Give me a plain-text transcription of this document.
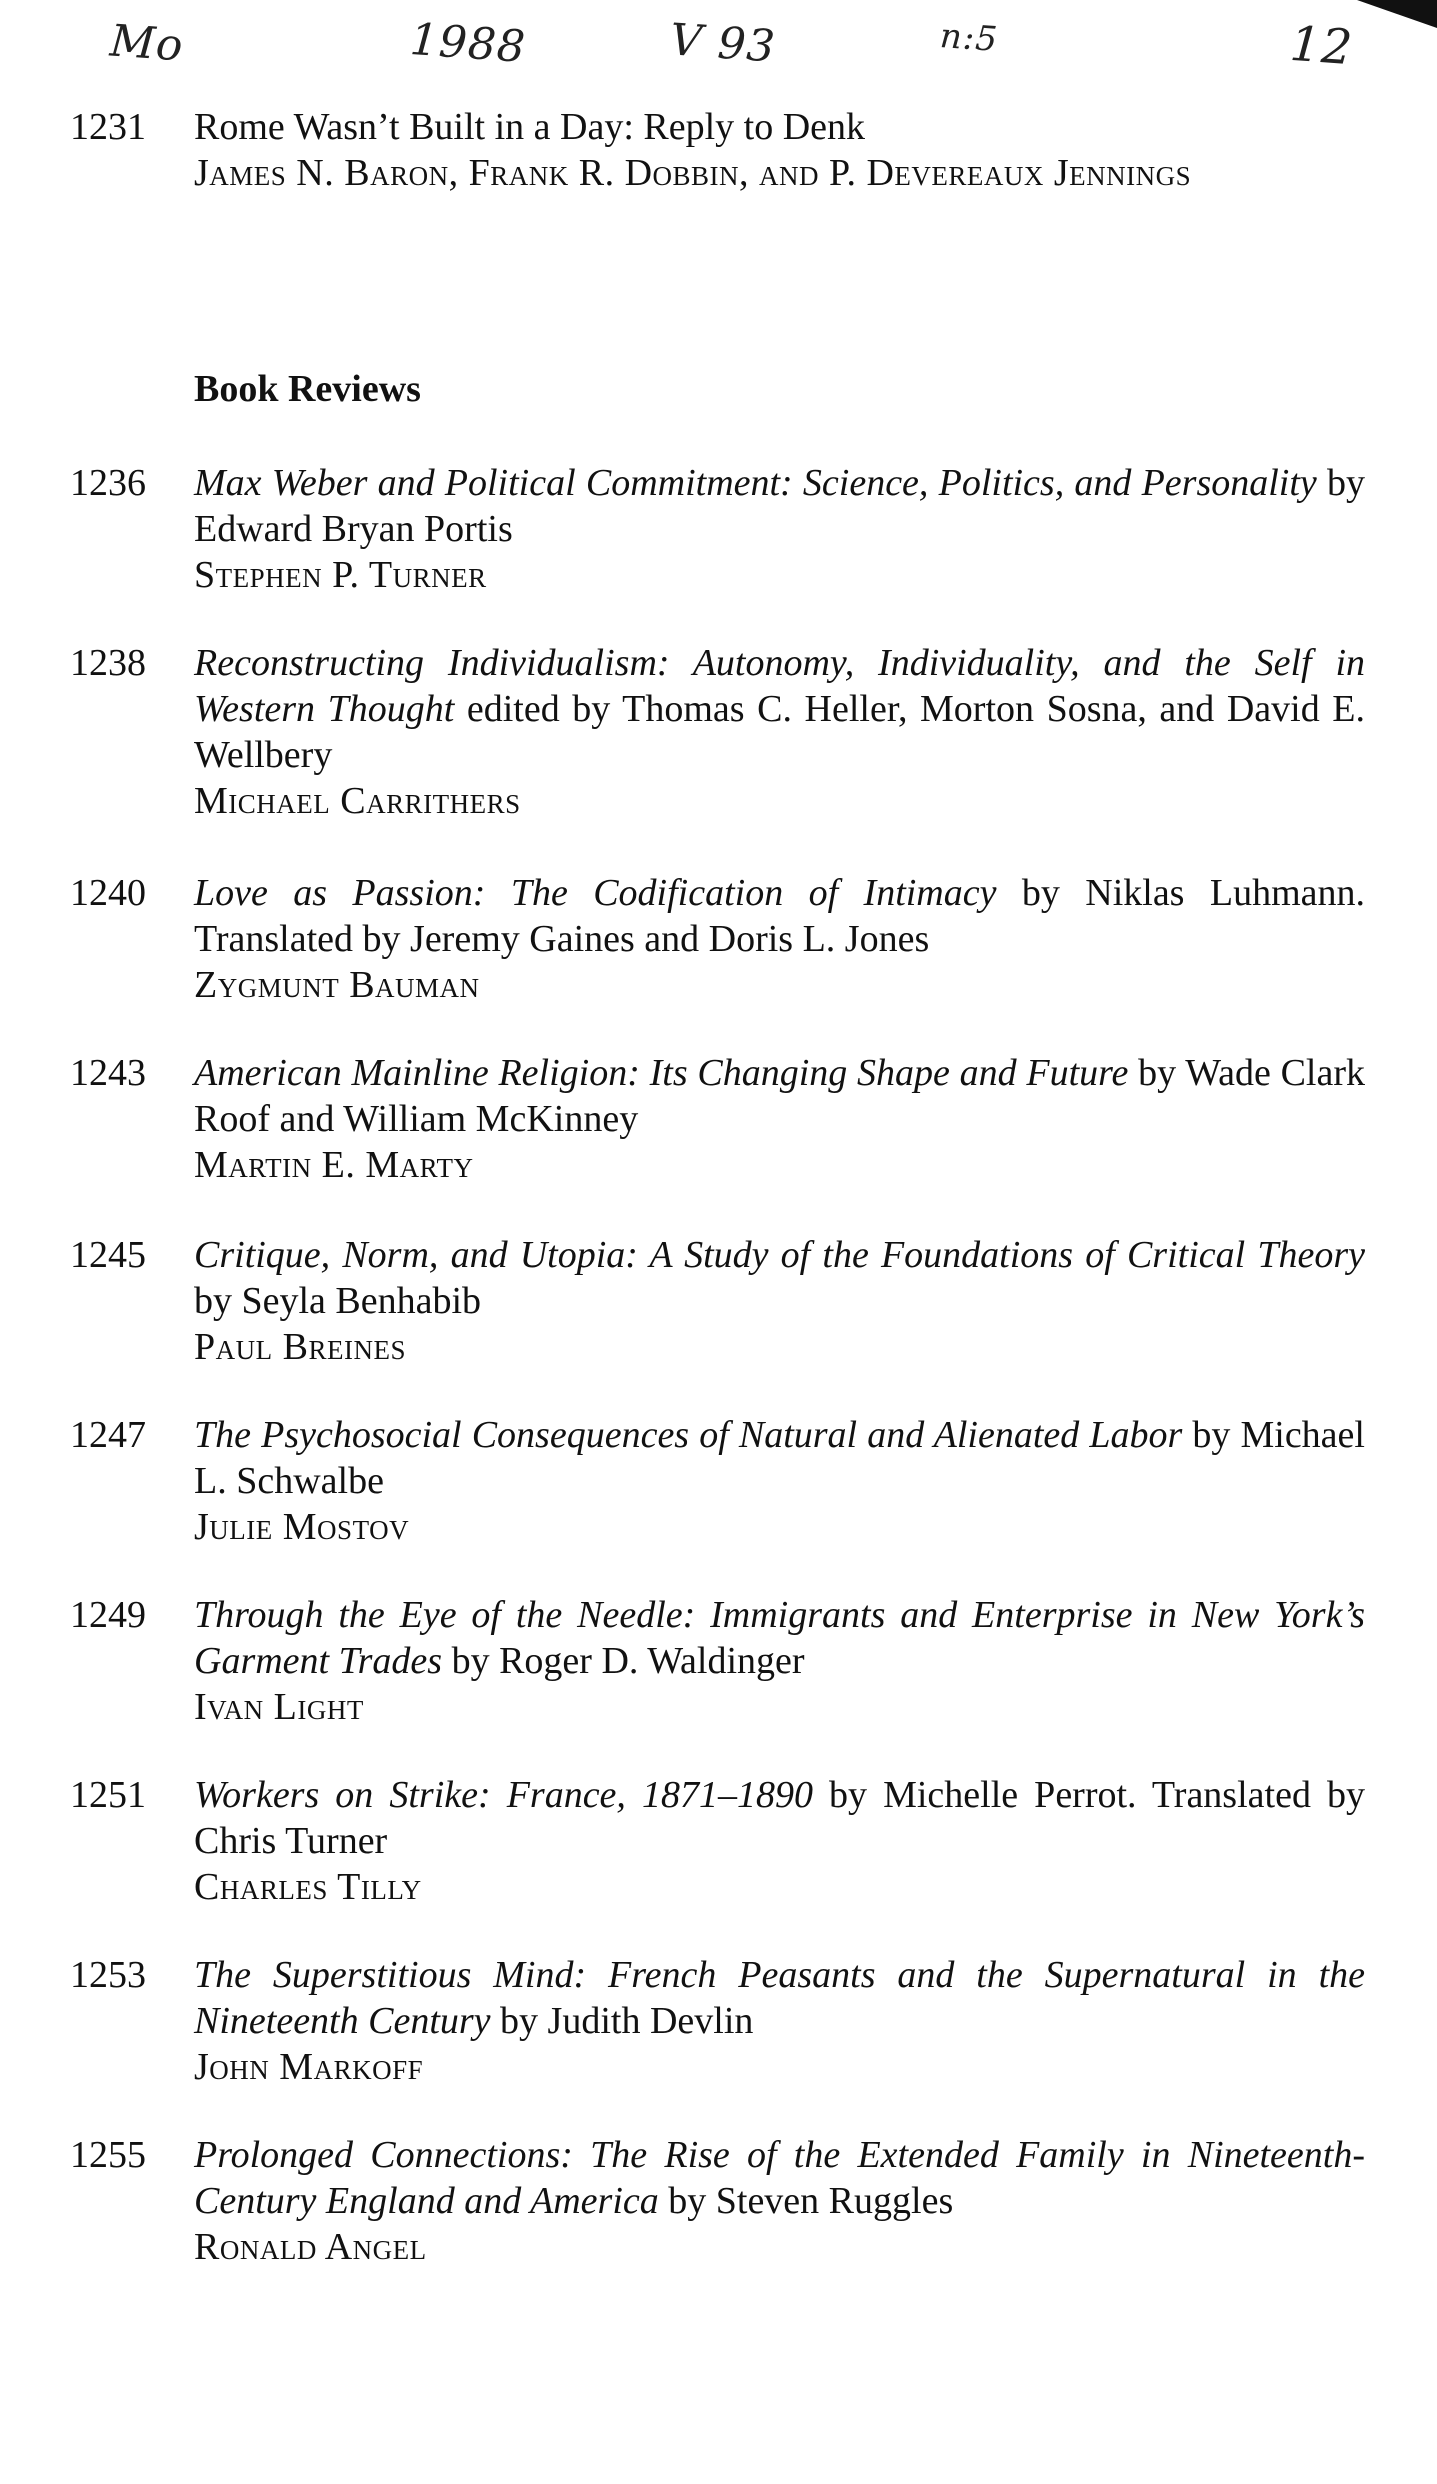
Mo	1988	V 93	n:5	12
1231	Rome Wasn’t Built in a Day: Reply to Denk
James N. Baron, Frank R. Dobbin, and P. Devereaux Jennings
Book Reviews
1236	Max Weber and Political Commitment: Science, Politics, and Personality by Edward Bryan Portis
Stephen P. Turner
1238	Reconstructing Individualism: Autonomy, Individuality, and the Self in Western Thought edited by Thomas C. Heller, Morton Sosna, and David E. Wellbery
Michael Carrithers
1240	Love as Passion: The Codification of Intimacy by Niklas Luhmann. Translated by Jeremy Gaines and Doris L. Jones
Zygmunt Bauman
1243	American Mainline Religion: Its Changing Shape and Future by Wade Clark Roof and William McKinney
Martin E. Marty
1245	Critique, Norm, and Utopia: A Study of the Foundations of Critical Theory by Seyla Benhabib
Paul Breines
1247	The Psychosocial Consequences of Natural and Alienated Labor by Michael L. Schwalbe
Julie Mostov
1249	Through the Eye of the Needle: Immigrants and Enterprise in New York’s Garment Trades by Roger D. Waldinger
Ivan Light
1251	Workers on Strike: France, 1871–1890 by Michelle Perrot. Translated by Chris Turner
Charles Tilly
1253	The Superstitious Mind: French Peasants and the Supernatural in the Nineteenth Century by Judith Devlin
John Markoff
1255	Prolonged Connections: The Rise of the Extended Family in Nineteenth-Century England and America by Steven Ruggles
Ronald Angel
